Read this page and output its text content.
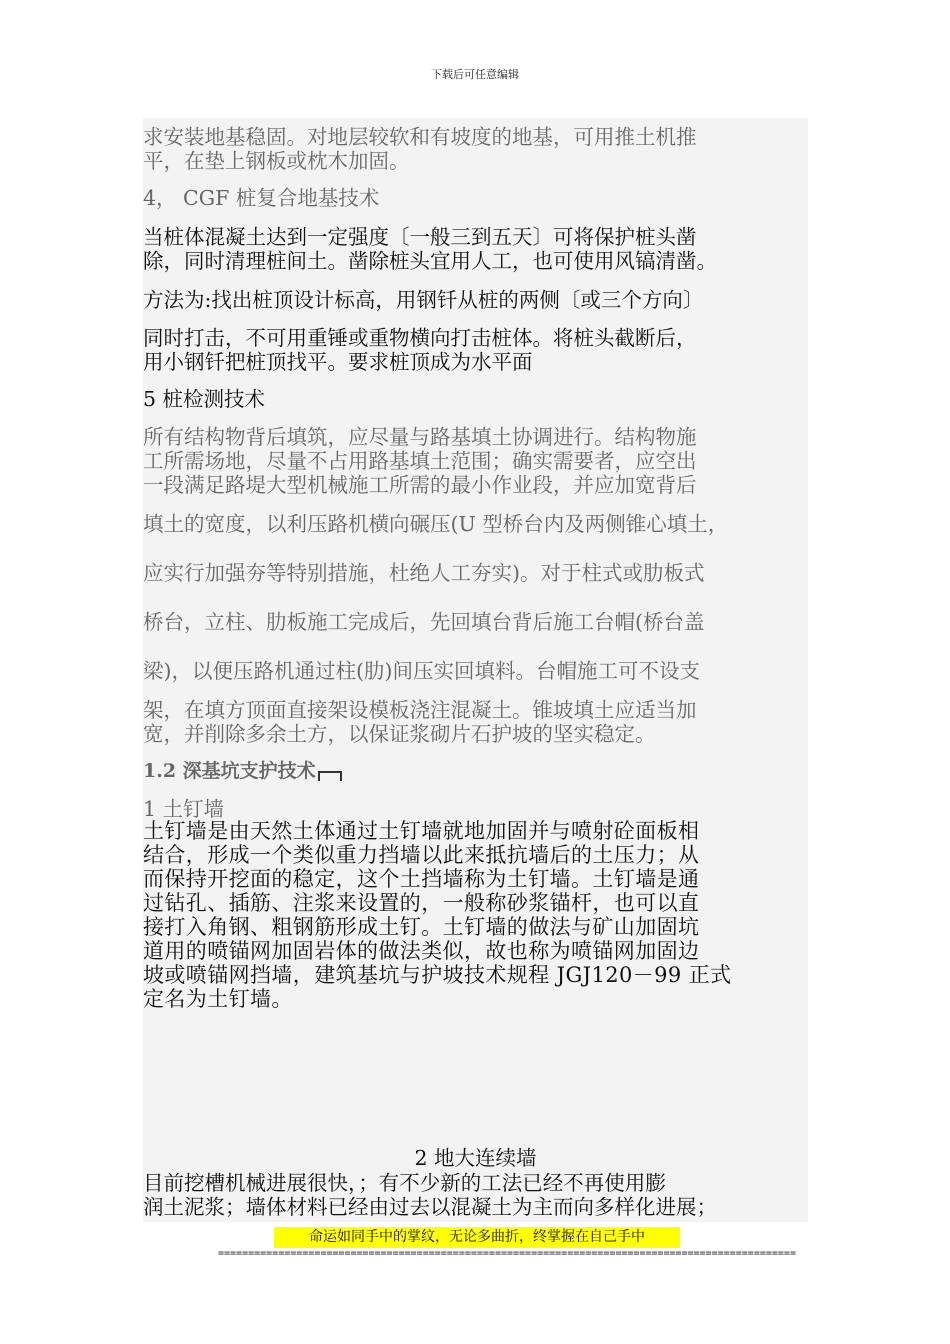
下载后可任意编辑
求安装地基稳固。对地层较软和有坡度的地基，可用推土机推
平，在垫上钢板或枕木加固。
4， CGF 桩复合地基技术
当桩体混凝土达到一定强度〔一般三到五天〕可将保护桩头凿
除，同时清理桩间土。凿除桩头宜用人工，也可使用风镐清凿。
方法为:找出桩顶设计标高，用钢钎从桩的两侧〔或三个方向〕
同时打击，不可用重锤或重物横向打击桩体。将桩头截断后，
用小钢钎把桩顶找平。要求桩顶成为水平面
5 桩检测技术
所有结构物背后填筑，应尽量与路基填土协调进行。结构物施
工所需场地，尽量不占用路基填土范围；确实需要者，应空出
一段满足路堤大型机械施工所需的最小作业段，并应加宽背后
填土的宽度，以利压路机横向碾压(U 型桥台内及两侧锥心填土，
应实行加强夯等特别措施，杜绝人工夯实)。对于柱式或肋板式
桥台，立柱、肋板施工完成后，先回填台背后施工台帽(桥台盖
梁)，以便压路机通过柱(肋)间压实回填料。台帽施工可不设支
架，在填方顶面直接架设模板浇注混凝土。锥坡填土应适当加
宽，并削除多余土方，以保证浆砌片石护坡的坚实稳定。
1.2 深基坑支护技术
1 土钉墙
土钉墙是由天然土体通过土钉墙就地加固并与喷射砼面板相
结合，形成一个类似重力挡墙以此来抵抗墙后的土压力；从
而保持开挖面的稳定，这个土挡墙称为土钉墙。土钉墙是通
过钻孔、插筋、注浆来设置的，一般称砂浆锚杆，也可以直
接打入角钢、粗钢筋形成土钉。土钉墙的做法与矿山加固坑
道用的喷锚网加固岩体的做法类似，故也称为喷锚网加固边
坡或喷锚网挡墙，建筑基坑与护坡技术规程 JGJ120－99 正式
定名为土钉墙。
2 地大连续墙
目前挖槽机械进展很快，；有不少新的工法已经不再使用膨
润土泥浆；墙体材料已经由过去以混凝土为主而向多样化进展；
命运如同手中的掌纹，无论多曲折，终掌握在自己手中
================================================================================================
